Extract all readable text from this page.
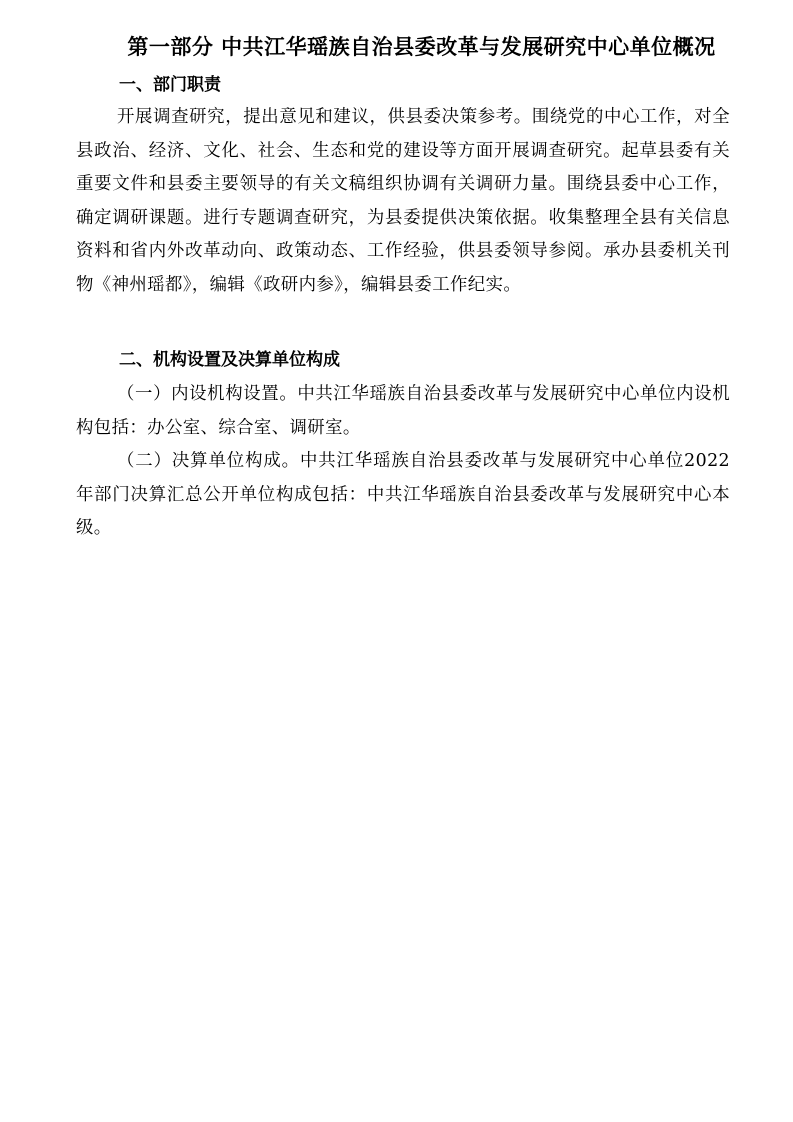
第一部分 中共江华瑶族自治县委改革与发展研究中心单位概况
一、部门职责

开展调查研究，提出意见和建议，供县委决策参考。围绕党的中心工作，对全县政治、经济、文化、社会、生态和党的建设等方面开展调查研究。起草县委有关重要文件和县委主要领导的有关文稿组织协调有关调研力量。围绕县委中心工作，确定调研课题。进行专题调查研究，为县委提供决策依据。收集整理全县有关信息资料和省内外改革动向、政策动态、工作经验，供县委领导参阅。承办县委机关刊物《神州瑶都》，编辑《政研内参》，编辑县委工作纪实。

二、机构设置及决算单位构成

（一）内设机构设置。中共江华瑶族自治县委改革与发展研究中心单位内设机构包括：办公室、综合室、调研室。

（二）决算单位构成。中共江华瑶族自治县委改革与发展研究中心单位2022年部门决算汇总公开单位构成包括：中共江华瑶族自治县委改革与发展研究中心本级。
